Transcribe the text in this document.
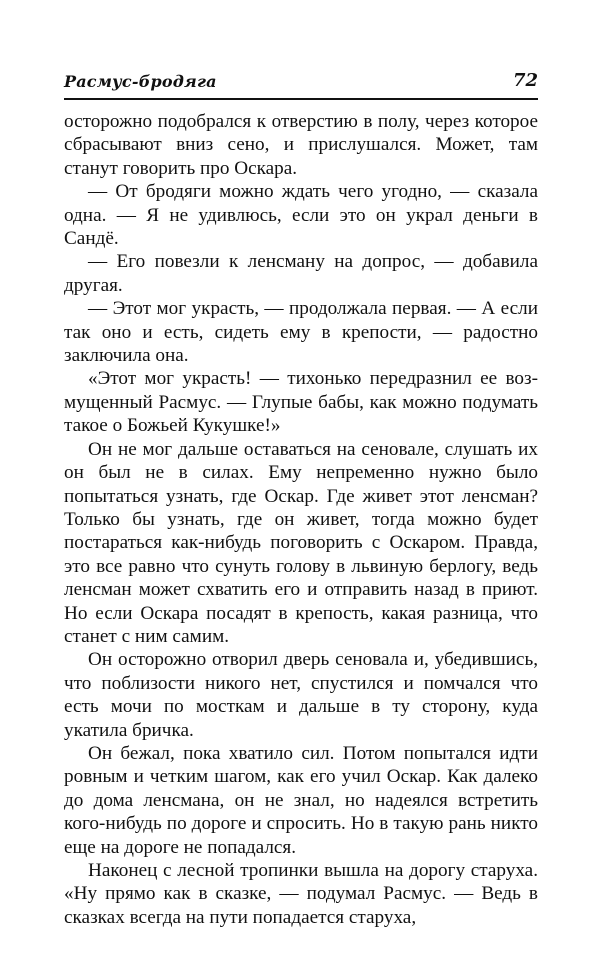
Расмус-бродяга	72

осторожно подобрался к отверстию в полу, через которое сбрасывают вниз сено, и прислушался. Может, там станут говорить про Оскара.

— От бродяги можно ждать чего угодно, — сказала одна. — Я не удивлюсь, если это он украл деньги в Сандё.

— Его повезли к ленсману на допрос, — добавила другая.

— Этот мог украсть, — продолжала первая. — А если так оно и есть, сидеть ему в крепости, — радостно заключила она.

«Этот мог украсть! — тихонько передразнил ее возмущенный Расмус. — Глупые бабы, как можно подумать такое о Божьей Кукушке!»

Он не мог дальше оставаться на сеновале, слушать их он был не в силах. Ему непременно нужно было попытаться узнать, где Оскар. Где живет этот ленсман? Только бы узнать, где он живет, тогда можно будет постараться как-нибудь поговорить с Оскаром. Правда, это все равно что сунуть голову в львиную берлогу, ведь ленсман может схватить его и отправить назад в приют. Но если Оскара посадят в крепость, какая разница, что станет с ним самим.

Он осторожно отворил дверь сеновала и, убедившись, что поблизости никого нет, спустился и помчался что есть мочи по мосткам и дальше в ту сторону, куда укатила бричка.

Он бежал, пока хватило сил. Потом попытался идти ровным и четким шагом, как его учил Оскар. Как далеко до дома ленсмана, он не знал, но надеялся встретить кого-нибудь по дороге и спросить. Но в такую рань никто еще на дороге не попадался.

Наконец с лесной тропинки вышла на дорогу старуха. «Ну прямо как в сказке, — подумал Расмус. — Ведь в сказках всегда на пути попадается старуха,
